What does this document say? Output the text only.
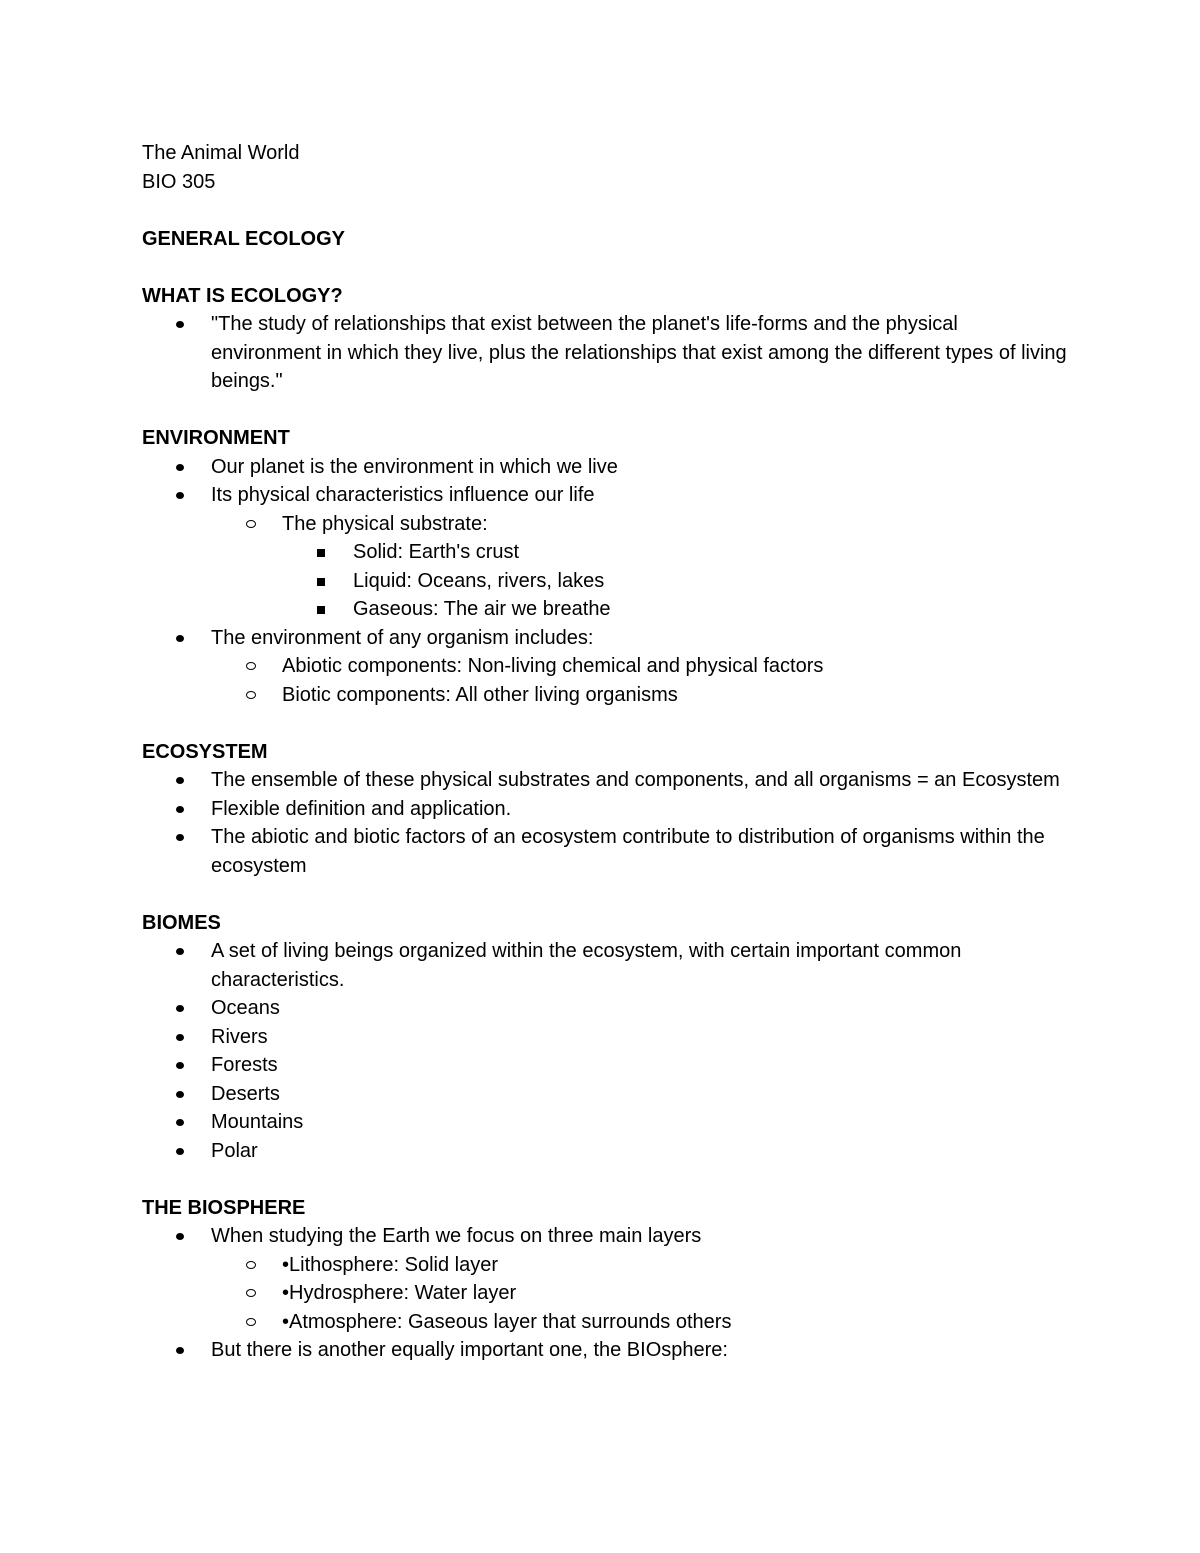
The Animal World

BIO 305

GENERAL ECOLOGY

WHAT IS ECOLOGY?

"The study of relationships that exist between the planet's life-forms and the physical environment in which they live, plus the relationships that exist among the different types of living beings."

ENVIRONMENT

Our planet is the environment in which we live
Its physical characteristics influence our life
The physical substrate:
Solid: Earth's crust
Liquid: Oceans, rivers, lakes
Gaseous: The air we breathe
The environment of any organism includes:
Abiotic components: Non-living chemical and physical factors
Biotic components: All other living organisms

ECOSYSTEM

The ensemble of these physical substrates and components, and all organisms = an Ecosystem
Flexible definition and application.
The abiotic and biotic factors of an ecosystem contribute to distribution of organisms within the ecosystem

BIOMES

A set of living beings organized within the ecosystem, with certain important common characteristics.
Oceans
Rivers
Forests
Deserts
Mountains
Polar

THE BIOSPHERE

When studying the Earth we focus on three main layers
•Lithosphere: Solid layer
•Hydrosphere: Water layer
•Atmosphere: Gaseous layer that surrounds others
But there is another equally important one, the BIOsphere:
